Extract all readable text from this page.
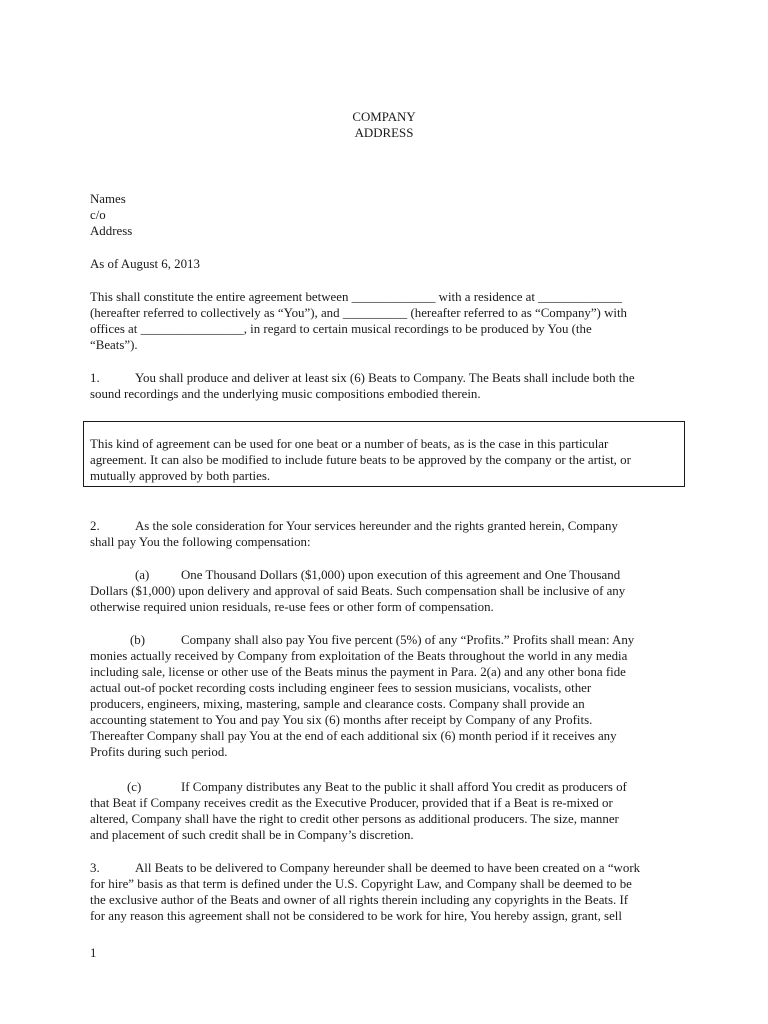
COMPANY
ADDRESS
Names
c/o
Address
As of August 6, 2013
This shall constitute the entire agreement between _____________ with a residence at _____________
(hereafter referred to collectively as “You”), and __________ (hereafter referred to as “Company”) with
offices at ________________, in regard to certain musical recordings to be produced by You (the
“Beats”).
1.	You shall produce and deliver at least six (6) Beats to Company. The Beats shall include both the
sound recordings and the underlying music compositions embodied therein.
This kind of agreement can be used for one beat or a number of beats, as is the case in this particular
agreement. It can also be modified to include future beats to be approved by the company or the artist, or
mutually approved by both parties.
2.	As the sole consideration for Your services hereunder and the rights granted herein, Company
shall pay You the following compensation:
(a) One Thousand Dollars ($1,000) upon execution of this agreement and One Thousand
Dollars ($1,000) upon delivery and approval of said Beats. Such compensation shall be inclusive of any
otherwise required union residuals, re-use fees or other form of compensation.
(b)	Company shall also pay You five percent (5%) of any “Profits.” Profits shall mean: Any
monies actually received by Company from exploitation of the Beats throughout the world in any media
including sale, license or other use of the Beats minus the payment in Para. 2(a) and any other bona fide
actual out-of pocket recording costs including engineer fees to session musicians, vocalists, other
producers, engineers, mixing, mastering, sample and clearance costs. Company shall provide an
accounting statement to You and pay You six (6) months after receipt by Company of any Profits.
Thereafter Company shall pay You at the end of each additional six (6) month period if it receives any
Profits during such period.
(c)	If Company distributes any Beat to the public it shall afford You credit as producers of
that Beat if Company receives credit as the Executive Producer, provided that if a Beat is re-mixed or
altered, Company shall have the right to credit other persons as additional producers. The size, manner
and placement of such credit shall be in Company’s discretion.
3.	All Beats to be delivered to Company hereunder shall be deemed to have been created on a “work
for hire” basis as that term is defined under the U.S. Copyright Law, and Company shall be deemed to be
the exclusive author of the Beats and owner of all rights therein including any copyrights in the Beats. If
for any reason this agreement shall not be considered to be work for hire, You hereby assign, grant, sell
1
